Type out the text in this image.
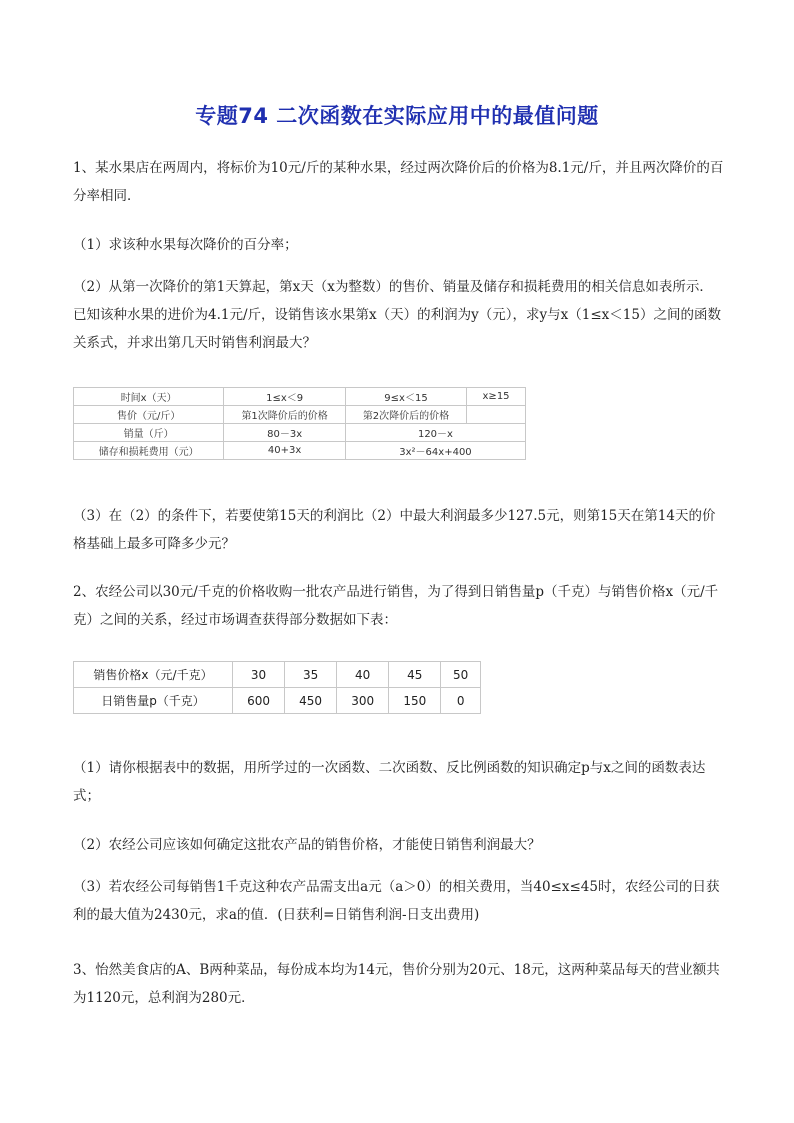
专题74 二次函数在实际应用中的最值问题

1、某水果店在两周内，将标价为10元/斤的某种水果，经过两次降价后的价格为8.1元/斤，并且两次降价的百分率相同．

（1）求该种水果每次降价的百分率；

（2）从第一次降价的第1天算起，第x天（x为整数）的售价、销量及储存和损耗费用的相关信息如表所示．已知该种水果的进价为4.1元/斤，设销售该水果第x（天）的利润为y（元），求y与x（1≤x＜15）之间的函数关系式，并求出第几天时销售利润最大？

时间x（天）	1≤x＜9	9≤x＜15	x≥15
售价（元/斤）	第1次降价后的价格	第2次降价后的价格	
销量（斤）	80－3x	120－x	
储存和损耗费用（元）	40+3x	3x²－64x+400	

（3）在（2）的条件下，若要使第15天的利润比（2）中最大利润最多少127.5元，则第15天在第14天的价格基础上最多可降多少元？

2、农经公司以30元/千克的价格收购一批农产品进行销售，为了得到日销售量p（千克）与销售价格x（元/千克）之间的关系，经过市场调查获得部分数据如下表：

销售价格x（元/千克）	30	35	40	45	50
日销售量p（千克）	600	450	300	150	0

（1）请你根据表中的数据，用所学过的一次函数、二次函数、反比例函数的知识确定p与x之间的函数表达式；

（2）农经公司应该如何确定这批农产品的销售价格，才能使日销售利润最大？

（3）若农经公司每销售1千克这种农产品需支出a元（a＞0）的相关费用，当40≤x≤45时，农经公司的日获利的最大值为2430元，求a的值．(日获利=日销售利润-日支出费用)

3、怡然美食店的A、B两种菜品，每份成本均为14元，售价分别为20元、18元，这两种菜品每天的营业额共为1120元，总利润为280元．
